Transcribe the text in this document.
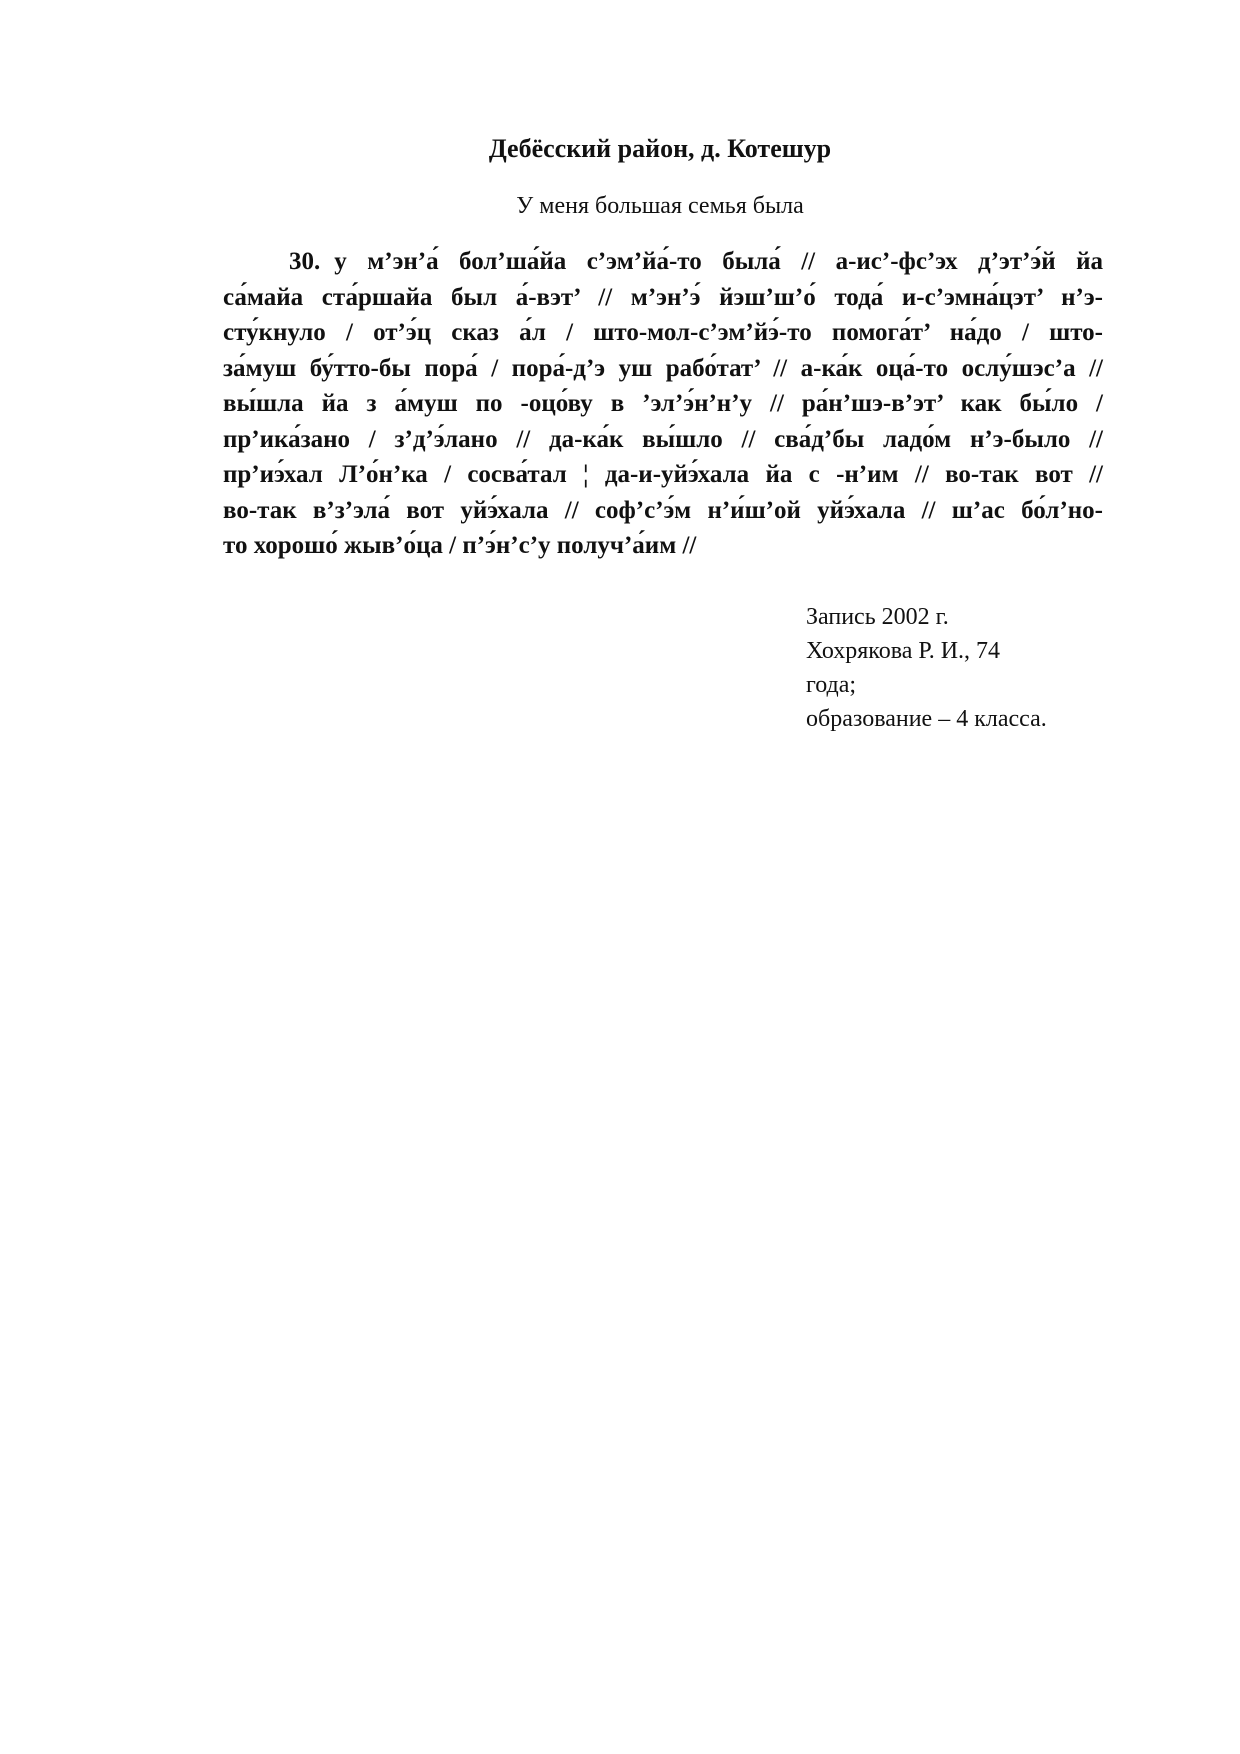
Дебёсский район, д. Котешур
У меня большая семья была
30. у м’эн’а́ бол’ша́йа с’эм’йа́-то была́ // а-ис’-фс’эх д’эт’э́й йа
са́майа ста́ршайа был а́-вэт’ // м’эн’э́ йэш’ш’о́ тода́ и-с’эмна́цэт’ н’э-
сту́кнуло / от’э́ц сказ а́л / што-мол-с’эм’йэ́-то помога́т’ на́до / што-
за́муш бу́тто-бы пора́ / пора́-д’э уш рабо́тат’ // а-ка́к оца́-то ослу́шэс’а //
вы́шла йа з а́муш по -оцо́ву в ’эл’э́н’н’у // ра́н’шэ-в’эт’ как бы́ло /
пр’ика́зано / з’д’э́лано // да-ка́к вы́шло // сва́д’бы ладо́м н’э-было //
пр’иэ́хал Л’о́н’ка / сосва́тал ¦ да-и-уйэ́хала йа с -н’им // во-так вот //
во-так в’з’эла́ вот уйэ́хала // соф’с’э́м н’и́ш’ой уйэ́хала // ш’ас бо́л’но-
то хорошо́ жыв’о́ца / п’э́н’с’у получ’а́им //
Запись 2002 г.
Хохрякова Р. И., 74
года;
образование – 4 класса.
